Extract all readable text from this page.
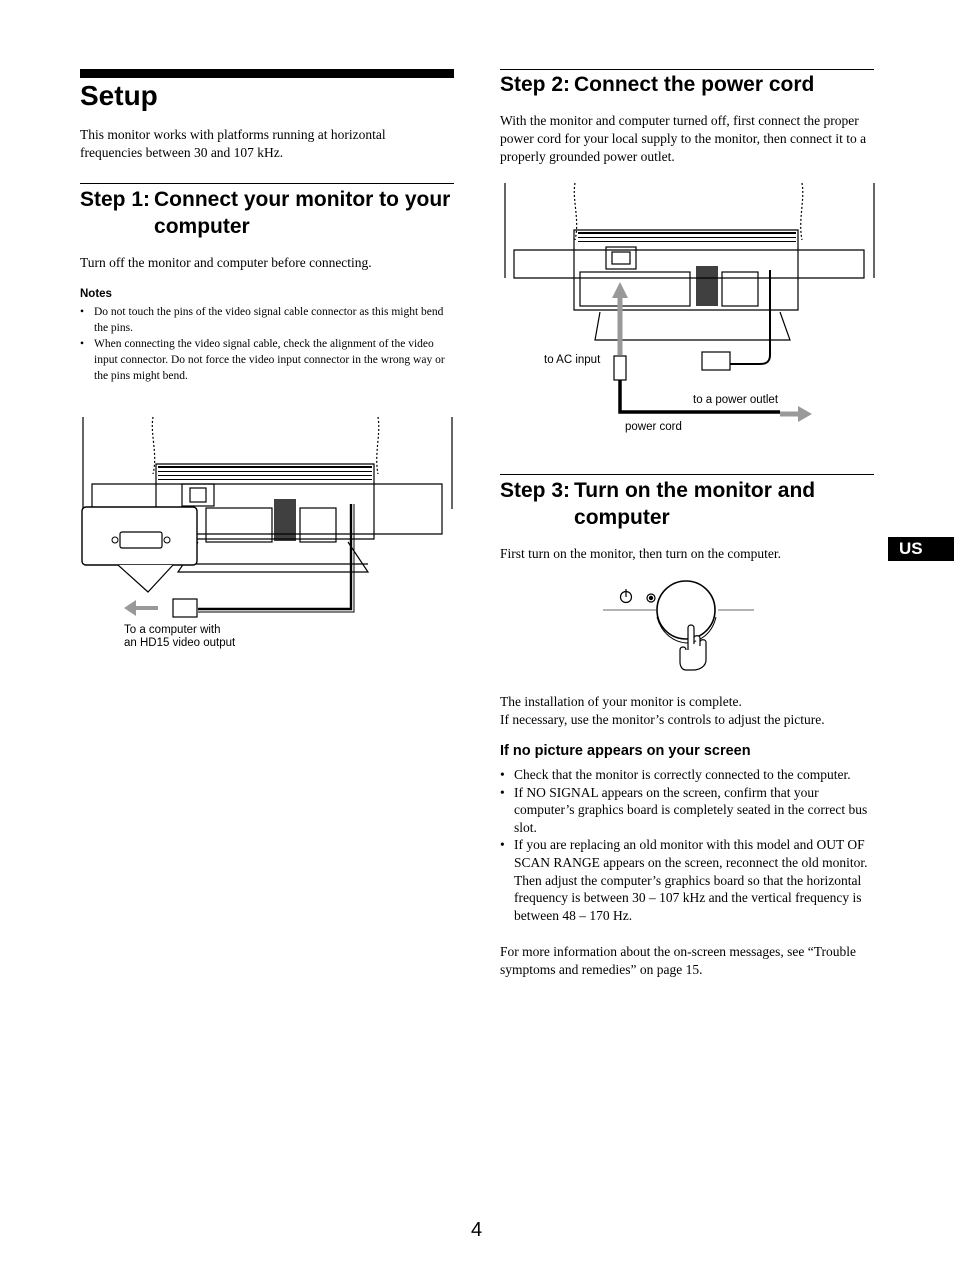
Setup

This monitor works with platforms running at horizontal frequencies between 30 and 107 kHz.

Step 1: Connect your monitor to your computer

Turn off the monitor and computer before connecting.

Notes
• Do not touch the pins of the video signal cable connector as this might bend the pins.
• When connecting the video signal cable, check the alignment of the video input connector. Do not force the video input connector in the wrong way or the pins might bend.
To a computer with
an HD15 video output
Step 2: Connect the power cord

With the monitor and computer turned off, first connect the proper power cord for your local supply to the monitor, then connect it to a properly grounded power outlet.

to AC input
to a power outlet
power cord
Step 3: Turn on the monitor and computer

First turn on the monitor, then turn on the computer.

The installation of your monitor is complete.

If necessary, use the monitor’s controls to adjust the picture.

If no picture appears on your screen
• Check that the monitor is correctly connected to the computer.
• If NO SIGNAL appears on the screen, confirm that your computer’s graphics board is completely seated in the correct bus slot.
• If you are replacing an old monitor with this model and OUT OF SCAN RANGE appears on the screen, reconnect the old monitor. Then adjust the computer’s graphics board so that the horizontal frequency is between 30 – 107 kHz and the vertical frequency is between 48 – 170 Hz.

For more information about the on-screen messages, see “Trouble symptoms and remedies” on page 15.

US
4
